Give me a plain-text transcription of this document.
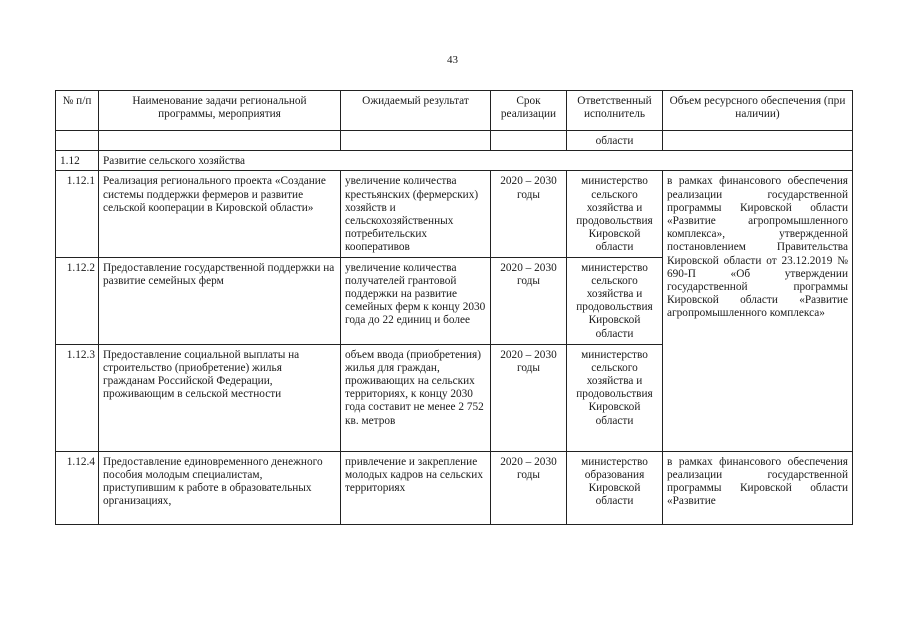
43
№ п/п	Наименование задачи региональной программы, мероприятия	Ожидаемый результат	Срок реализации	Ответственный исполнитель	Объем ресурсного обеспечения (при наличии)
				области	
1.12	Развитие сельского хозяйства				
1.12.1	Реализация регионального проекта «Создание системы поддержки фермеров и развитие сельской кооперации в Кировской области»	увеличение количества крестьянских (фермерских) хозяйств и сельскохозяйственных потребительских кооперативов	2020 – 2030 годы	министерство сельского хозяйства и продовольствия Кировской области	в рамках финансового обеспечения реализации государственной программы Кировской области «Развитие агропромышленного комплекса», утвержденной постановлением Правительства Кировской области от 23.12.2019 № 690-П «Об утверждении государственной программы Кировской области «Развитие агропромышленного комплекса»
1.12.2	Предоставление государственной поддержки на развитие семейных ферм	увеличение количества получателей грантовой поддержки на развитие семейных ферм к концу 2030 года до 22 единиц и более	2020 – 2030 годы	министерство сельского хозяйства и продовольствия Кировской области	
1.12.3	Предоставление социальной выплаты на строительство (приобретение) жилья гражданам Российской Федерации, проживающим в сельской местности	объем ввода (приобретения) жилья для граждан, проживающих на сельских территориях, к концу 2030 года составит не менее 2 752 кв. метров	2020 – 2030 годы	министерство сельского хозяйства и продовольствия Кировской области	
1.12.4	Предоставление единовременного денежного пособия молодым специалистам, приступившим к работе в образовательных организациях,	привлечение и закрепление молодых кадров на сельских территориях	2020 – 2030 годы	министерство образования Кировской области	в рамках финансового обеспечения реализации государственной программы Кировской области «Развитие
